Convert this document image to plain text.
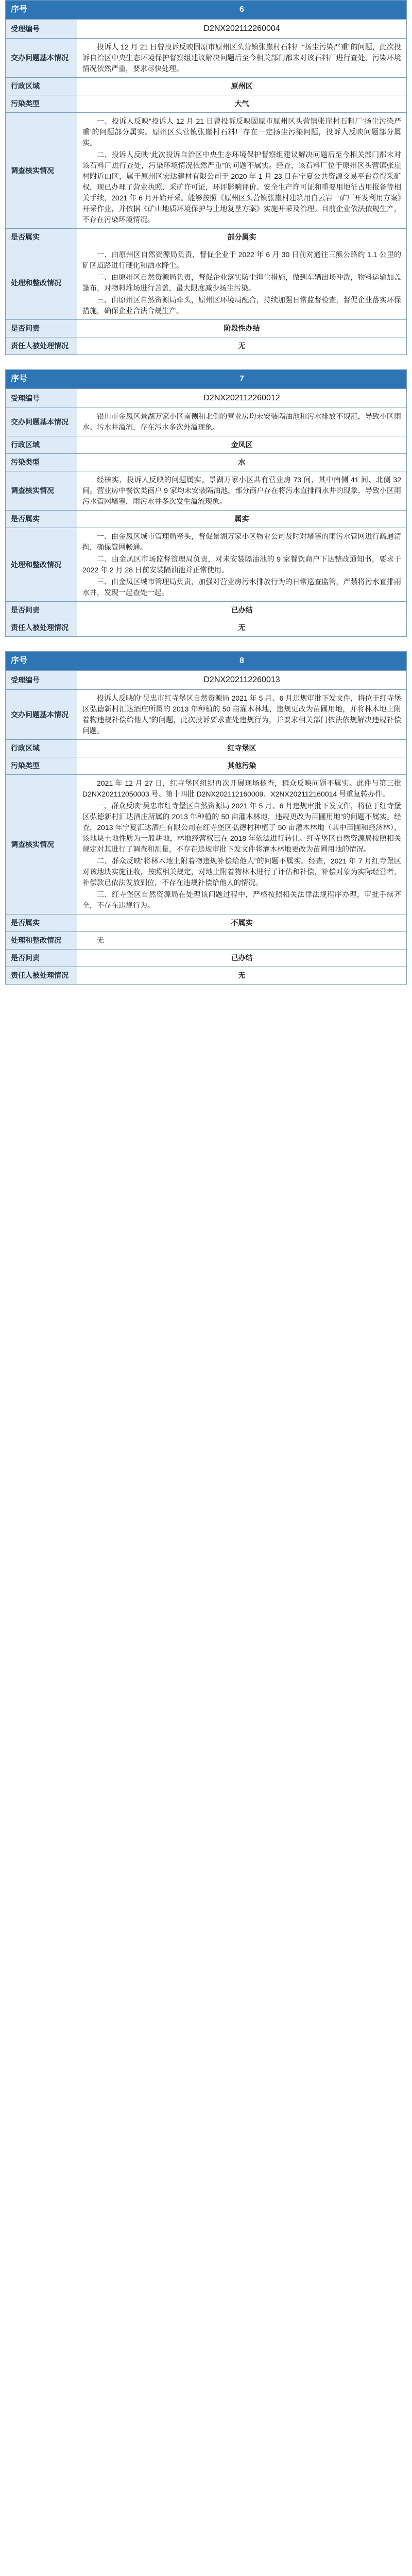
序号	6
受理编号	D2NX202112260004
交办问题基本情况	投诉人 12 月 21 日曾投诉反映固原市原州区头营镇张崖村石料厂“扬尘污染严重”的问题，此次投诉自治区中央生态环境保护督察组建议解决问题后至今相关部门都未对该石料厂进行查处，污染环境情况依然严重，要求尽快处理。

行政区域	原州区
污染类型	大气
调查核实情况	一、投诉人反映“投诉人 12 月 21 日曾投诉反映固原市原州区头营镇张崖村石料厂‘扬尘污染严重’的问题部分属实。原州区头营镇张崖村石料厂存在一定扬尘污染问题，投诉人反映问题部分属实。

二、投诉人反映“此次投诉自治区中央生态环境保护督察组建议解决问题后至今相关部门都未对该石料厂进行查处，污染环境情况依然严重”的问题不属实。经查，该石料厂位于原州区头营镇张崖村附近山区，属于原州区宏达建材有限公司于 2020 年 1 月 23 日在宁夏公共资源交易平台竞得采矿权，现已办理了营业执照、采矿许可证，环评影响评价、安全生产许可证和重要用地征占用报备等相关手续，2021 年 6 月开始开采。能够按照《原州区头营镇张崖村建筑用白云岩一矿厂开发利用方案》开采作业，并依据《矿山地质环境保护与土地复垦方案》实施开采及治理。目前企业依法依规生产，不存在污染环境情况。

是否属实	部分属实
处理和整改情况	一、由原州区自然资源局负责，督促企业于 2022 年 6 月 30 日前对通往三熊公路约 1.1 公里的矿区道路进行硬化和洒水降尘。

二、由原州区自然资源局负责，督促企业落实防尘抑尘措施，做到车辆出场冲洗，物料运输加盖篷布，对物料堆场进行苫盖，最大限度减少扬尘污染。

三、由原州区自然资源局牵头，原州区环境局配合，持续加强日常监督检查，督促企业落实环保措施，确保企业合法合规生产。

是否问责	阶段性办结
责任人被处理情况	无
序号	7
受理编号	D2NX202112260012
交办问题基本情况	银川市金凤区景湖万家小区南侧和北侧的营业房均未安装隔油池和污水排放不规范，导致小区雨水、污水井溢流，存在污水多次外溢现象。

行政区域	金凤区
污染类型	水
调查核实情况	经核实，投诉人反映的问题属实。景湖万家小区共有营业房 73 间，其中南侧 41 间、北侧 32 间。营业房中餐饮类商户 9 家均未安装隔油池，部分商户存在将污水直排雨水井的现象，导致小区雨污水管网堵塞，雨污水井多次发生溢流现象。

是否属实	属实
处理和整改情况	一、由金凤区城市管理局牵头，督促景湖万家小区物业公司及时对堵塞的雨污水管网进行疏通清掏，确保管网畅通。

二、由金凤区市场监督管理局负责，对未安装隔油池的 9 家餐饮商户下达整改通知书，要求于 2022 年 2 月 28 日前安装隔油池并正常使用。

三、由金凤区城市管理局负责，加强对营业房污水排放行为的日常巡查监管，严禁将污水直排雨水井，发现一起查处一起。

是否问责	已办结
责任人被处理情况	无
序号	8
受理编号	D2NX202112260013
交办问题基本情况	投诉人反映的“吴忠市红寺堡区自然资源局 2021 年 5 月、6 月违规审批下发文件，将位于红寺堡区弘德新村汇达酒庄所属的 2013 年种植的 50 亩灌木林地，违规更改为苗圃用地，并将林木地上附着物违规补偿给他人”的问题，此次投诉要求查处违规行为，并要求相关部门依法依规解决违规补偿问题。

行政区域	红寺堡区
污染类型	其他污染
调查核实情况	2021 年 12 月 27 日，红寺堡区组织再次开展现场核查，群众反映问题不属实。此件与第三批 D2NX202112050003 号、第十四批 D2NX202112160009、X2NX202112160014 号重复转办件。

一、群众反映“吴忠市红寺堡区自然资源局 2021 年 5 月、6 月违规审批下发文件，将位于红寺堡区弘德新村汇达酒庄所属的 2013 年种植的 50 亩灌木林地，违规更改为苗圃用地”的问题不属实。经查，2013 年宁夏汇达酒庄有限公司在红寺堡区弘德村种植了 50 亩灌木林地（其中苗圃和经济林），该地块土地性质为一般耕地，林地经营权已在 2018 年依法进行转让。红寺堡区自然资源局按照相关规定对其进行了调查和测量，不存在违规审批下发文件将灌木林地更改为苗圃用地的情况。

二、群众反映“将林木地上附着物违规补偿给他人”的问题不属实。经查，2021 年 7 月红寺堡区对该地块实施征收，按照相关规定，对地上附着物林木进行了评估和补偿，补偿对象为实际经营者，补偿款已依法发放到位，不存在违规补偿给他人的情况。

三、红寺堡区自然资源局在处理该问题过程中，严格按照相关法律法规程序办理，审批手续齐全，不存在违规行为。

是否属实	不属实
处理和整改情况	无

是否问责	已办结
责任人被处理情况	无
